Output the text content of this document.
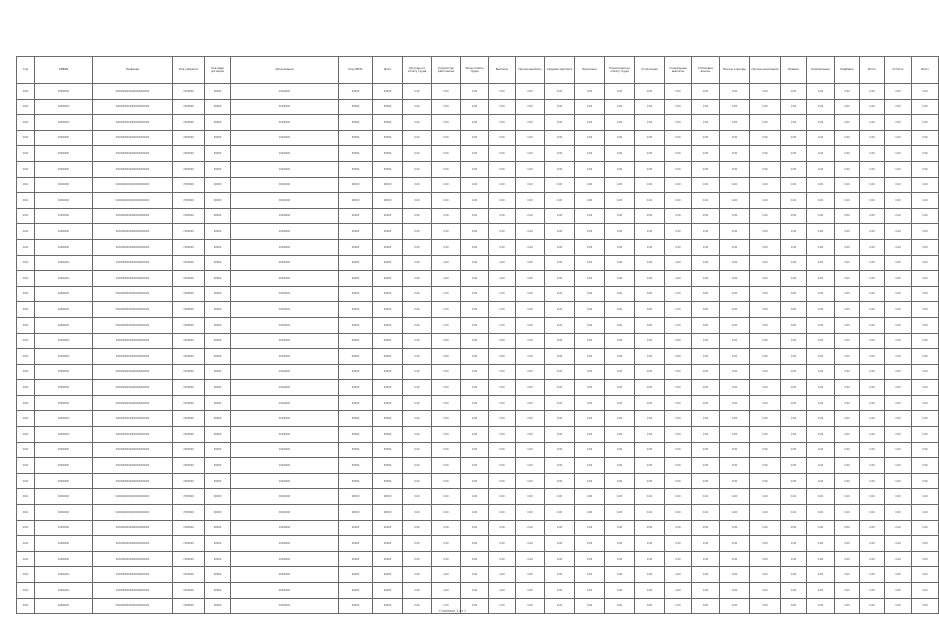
Год	ОКВЭД	Название	Код субъекта	Код вида договора	Организация	Код ОКПО	Дата	Расходы на оплату труда	Количество работников	Фонд оплаты труда	Выплаты	Прочие выплаты	Средняя зарплата	Начислено	Начисления на оплату труда	Отчисления	Социальные выплаты	Страховые взносы	Взносы в фонды	Прочие начисления	Премии	Компенсации	Надбавки	Итого	Остаток	Всего
2011	00000000	000000000000000000000000	7000000	00000	00000000	00000	00000	0,00	0,00	0,00	0,00	0,00	0,00	0,00	0,00	0,00	0,00	0,00	0,00	0,00	0,00	0,00	0,00	0,00	0,00	0,00
2011	00000000	000000000000000000000000	7000000	00000	00000000	00000	00000	0,00	0,00	0,00	0,00	0,00	0,00	0,00	0,00	0,00	0,00	0,00	0,00	0,00	0,00	0,00	0,00	0,00	0,00	0,00
2011	00000000	000000000000000000000000	7000000	00000	00000000	00000	00000	0,00	0,00	0,00	0,00	0,00	0,00	0,00	0,00	0,00	0,00	0,00	0,00	0,00	0,00	0,00	0,00	0,00	0,00	0,00
2011	00000000	000000000000000000000000	7000000	00000	00000000	00000	00000	0,00	0,00	0,00	0,00	0,00	0,00	0,00	0,00	0,00	0,00	0,00	0,00	0,00	0,00	0,00	0,00	0,00	0,00	0,00
2011	00000000	000000000000000000000000	7000000	00000	00000000	00000	00000	0,00	0,00	0,00	0,00	0,00	0,00	0,00	0,00	0,00	0,00	0,00	0,00	0,00	0,00	0,00	0,00	0,00	0,00	0,00
2011	00000000	000000000000000000000000	7000000	00000	00000000	00000	00000	0,00	0,00	0,00	0,00	0,00	0,00	0,00	0,00	0,00	0,00	0,00	0,00	0,00	0,00	0,00	0,00	0,00	0,00	0,00
2011	00000000	000000000000000000000000	7000000	00000	00000000	00000	00000	0,00	0,00	0,00	0,00	0,00	0,00	0,00	0,00	0,00	0,00	0,00	0,00	0,00	0,00	0,00	0,00	0,00	0,00	0,00
2011	00000000	000000000000000000000000	7000000	00000	00000000	00000	00000	0,00	0,00	0,00	0,00	0,00	0,00	0,00	0,00	0,00	0,00	0,00	0,00	0,00	0,00	0,00	0,00	0,00	0,00	0,00
2011	00000000	000000000000000000000000	7000000	00000	00000000	00000	00000	0,00	0,00	0,00	0,00	0,00	0,00	0,00	0,00	0,00	0,00	0,00	0,00	0,00	0,00	0,00	0,00	0,00	0,00	0,00
2011	00000000	000000000000000000000000	7000000	00000	00000000	00000	00000	0,00	0,00	0,00	0,00	0,00	0,00	0,00	0,00	0,00	0,00	0,00	0,00	0,00	0,00	0,00	0,00	0,00	0,00	0,00
2011	00000000	000000000000000000000000	7000000	00000	00000000	00000	00000	0,00	0,00	0,00	0,00	0,00	0,00	0,00	0,00	0,00	0,00	0,00	0,00	0,00	0,00	0,00	0,00	0,00	0,00	0,00
2011	00000000	000000000000000000000000	7000000	00000	00000000	00000	00000	0,00	0,00	0,00	0,00	0,00	0,00	0,00	0,00	0,00	0,00	0,00	0,00	0,00	0,00	0,00	0,00	0,00	0,00	0,00
2011	00000000	000000000000000000000000	7000000	00000	00000000	00000	00000	0,00	0,00	0,00	0,00	0,00	0,00	0,00	0,00	0,00	0,00	0,00	0,00	0,00	0,00	0,00	0,00	0,00	0,00	0,00
2011	00000000	000000000000000000000000	7000000	00000	00000000	00000	00000	0,00	0,00	0,00	0,00	0,00	0,00	0,00	0,00	0,00	0,00	0,00	0,00	0,00	0,00	0,00	0,00	0,00	0,00	0,00
2011	00000000	000000000000000000000000	7000000	00000	00000000	00000	00000	0,00	0,00	0,00	0,00	0,00	0,00	0,00	0,00	0,00	0,00	0,00	0,00	0,00	0,00	0,00	0,00	0,00	0,00	0,00
2011	00000000	000000000000000000000000	7000000	00000	00000000	00000	00000	0,00	0,00	0,00	0,00	0,00	0,00	0,00	0,00	0,00	0,00	0,00	0,00	0,00	0,00	0,00	0,00	0,00	0,00	0,00
2011	00000000	000000000000000000000000	7000000	00000	00000000	00000	00000	0,00	0,00	0,00	0,00	0,00	0,00	0,00	0,00	0,00	0,00	0,00	0,00	0,00	0,00	0,00	0,00	0,00	0,00	0,00
2011	00000000	000000000000000000000000	7000000	00000	00000000	00000	00000	0,00	0,00	0,00	0,00	0,00	0,00	0,00	0,00	0,00	0,00	0,00	0,00	0,00	0,00	0,00	0,00	0,00	0,00	0,00
2011	00000000	000000000000000000000000	7000000	00000	00000000	00000	00000	0,00	0,00	0,00	0,00	0,00	0,00	0,00	0,00	0,00	0,00	0,00	0,00	0,00	0,00	0,00	0,00	0,00	0,00	0,00
2011	00000000	000000000000000000000000	7000000	00000	00000000	00000	00000	0,00	0,00	0,00	0,00	0,00	0,00	0,00	0,00	0,00	0,00	0,00	0,00	0,00	0,00	0,00	0,00	0,00	0,00	0,00
2011	00000000	000000000000000000000000	7000000	00000	00000000	00000	00000	0,00	0,00	0,00	0,00	0,00	0,00	0,00	0,00	0,00	0,00	0,00	0,00	0,00	0,00	0,00	0,00	0,00	0,00	0,00
2011	00000000	000000000000000000000000	7000000	00000	00000000	00000	00000	0,00	0,00	0,00	0,00	0,00	0,00	0,00	0,00	0,00	0,00	0,00	0,00	0,00	0,00	0,00	0,00	0,00	0,00	0,00
2011	00000000	000000000000000000000000	7000000	00000	00000000	00000	00000	0,00	0,00	0,00	0,00	0,00	0,00	0,00	0,00	0,00	0,00	0,00	0,00	0,00	0,00	0,00	0,00	0,00	0,00	0,00
2011	00000000	000000000000000000000000	7000000	00000	00000000	00000	00000	0,00	0,00	0,00	0,00	0,00	0,00	0,00	0,00	0,00	0,00	0,00	0,00	0,00	0,00	0,00	0,00	0,00	0,00	0,00
2011	00000000	000000000000000000000000	7000000	00000	00000000	00000	00000	0,00	0,00	0,00	0,00	0,00	0,00	0,00	0,00	0,00	0,00	0,00	0,00	0,00	0,00	0,00	0,00	0,00	0,00	0,00
2011	00000000	000000000000000000000000	7000000	00000	00000000	00000	00000	0,00	0,00	0,00	0,00	0,00	0,00	0,00	0,00	0,00	0,00	0,00	0,00	0,00	0,00	0,00	0,00	0,00	0,00	0,00
2011	00000000	000000000000000000000000	7000000	00000	00000000	00000	00000	0,00	0,00	0,00	0,00	0,00	0,00	0,00	0,00	0,00	0,00	0,00	0,00	0,00	0,00	0,00	0,00	0,00	0,00	0,00
2011	00000000	000000000000000000000000	7000000	00000	00000000	00000	00000	0,00	0,00	0,00	0,00	0,00	0,00	0,00	0,00	0,00	0,00	0,00	0,00	0,00	0,00	0,00	0,00	0,00	0,00	0,00
2011	00000000	000000000000000000000000	7000000	00000	00000000	00000	00000	0,00	0,00	0,00	0,00	0,00	0,00	0,00	0,00	0,00	0,00	0,00	0,00	0,00	0,00	0,00	0,00	0,00	0,00	0,00
2011	00000000	000000000000000000000000	7000000	00000	00000000	00000	00000	0,00	0,00	0,00	0,00	0,00	0,00	0,00	0,00	0,00	0,00	0,00	0,00	0,00	0,00	0,00	0,00	0,00	0,00	0,00
2011	00000000	000000000000000000000000	7000000	00000	00000000	00000	00000	0,00	0,00	0,00	0,00	0,00	0,00	0,00	0,00	0,00	0,00	0,00	0,00	0,00	0,00	0,00	0,00	0,00	0,00	0,00
2011	00000000	000000000000000000000000	7000000	00000	00000000	00000	00000	0,00	0,00	0,00	0,00	0,00	0,00	0,00	0,00	0,00	0,00	0,00	0,00	0,00	0,00	0,00	0,00	0,00	0,00	0,00
2011	00000000	000000000000000000000000	7000000	00000	00000000	00000	00000	0,00	0,00	0,00	0,00	0,00	0,00	0,00	0,00	0,00	0,00	0,00	0,00	0,00	0,00	0,00	0,00	0,00	0,00	0,00
2011	00000000	000000000000000000000000	7000000	00000	00000000	00000	00000	0,00	0,00	0,00	0,00	0,00	0,00	0,00	0,00	0,00	0,00	0,00	0,00	0,00	0,00	0,00	0,00	0,00	0,00	0,00
Страница 1 из 1
